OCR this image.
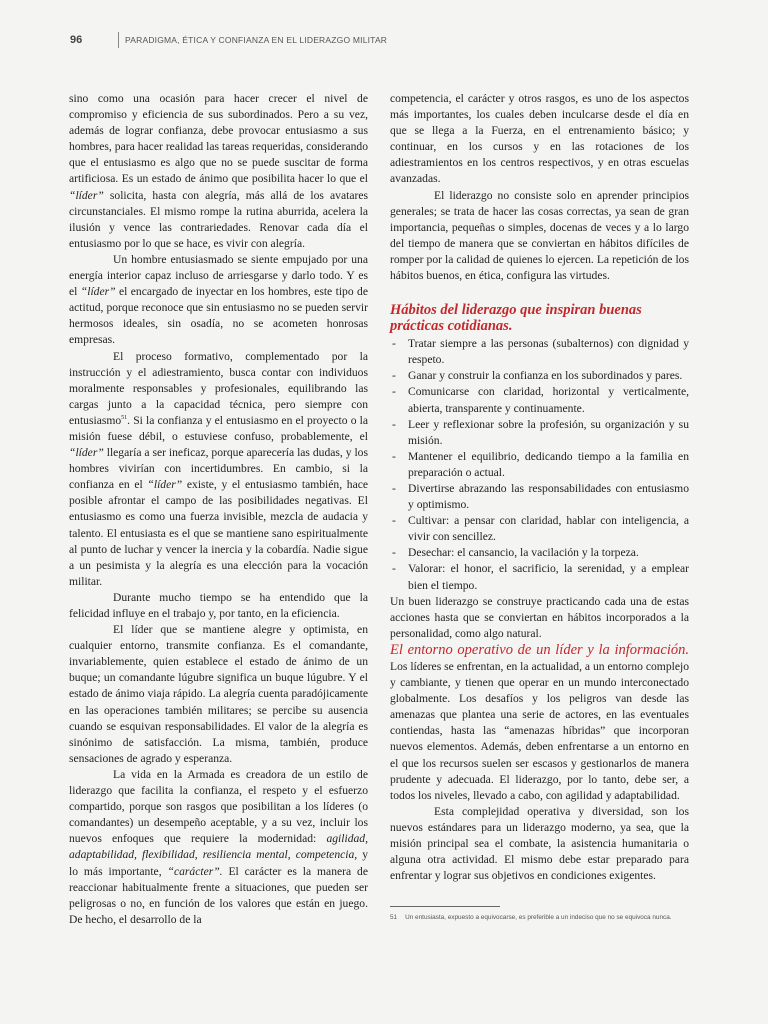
96	PARADIGMA, ÉTICA Y CONFIANZA EN EL LIDERAZGO MILITAR

sino como una ocasión para hacer crecer el nivel de compromiso y eficiencia de sus subordinados. Pero a su vez, además de lograr confianza, debe provocar entusiasmo a sus hombres, para hacer realidad las tareas requeridas, considerando que el entusiasmo es algo que no se puede suscitar de forma artificiosa. Es un estado de ánimo que posibilita hacer lo que el “líder” solicita, hasta con alegría, más allá de los avatares circunstanciales. El mismo rompe la rutina aburrida, acelera la ilusión y vence las contrariedades. Renovar cada día el entusiasmo por lo que se hace, es vivir con alegría.

Un hombre entusiasmado se siente empujado por una energía interior capaz incluso de arriesgarse y darlo todo. Y es el “líder” el encargado de inyectar en los hombres, este tipo de actitud, porque reconoce que sin entusiasmo no se pueden servir hermosos ideales, sin osadía, no se acometen honrosas empresas.

El proceso formativo, complementado por la instrucción y el adiestramiento, busca contar con individuos moralmente responsables y profesionales, equilibrando las cargas junto a la capacidad técnica, pero siempre con entusiasmo$^{51}$. Si la confianza y el entusiasmo en el proyecto o la misión fuese débil, o estuviese confuso, probablemente, el “líder” llegaría a ser ineficaz, porque aparecería las dudas, y los hombres vivirían con incertidumbres. En cambio, si la confianza en el “líder” existe, y el entusiasmo también, hace posible afrontar el campo de las posibilidades negativas. El entusiasmo es como una fuerza invisible, mezcla de audacia y talento. El entusiasta es el que se mantiene sano espiritualmente al punto de luchar y vencer la inercia y la cobardía. Nadie sigue a un pesimista y la alegría es una elección para la vocación militar.

Durante mucho tiempo se ha entendido que la felicidad influye en el trabajo y, por tanto, en la eficiencia.

El líder que se mantiene alegre y optimista, en cualquier entorno, transmite confianza. Es el comandante, invariablemente, quien establece el estado de ánimo de un buque; un comandante lúgubre significa un buque lúgubre. Y el estado de ánimo viaja rápido. La alegría cuenta paradójicamente en las operaciones también militares; se percibe su ausencia cuando se esquivan responsabilidades. El valor de la alegría es sinónimo de satisfacción. La misma, también, produce sensaciones de agrado y esperanza.

La vida en la Armada es creadora de un estilo de liderazgo que facilita la confianza, el respeto y el esfuerzo compartido, porque son rasgos que posibilitan a los líderes (o comandantes) un desempeño aceptable, y a su vez, incluir los nuevos enfoques que requiere la modernidad: agilidad, adaptabilidad, flexibilidad, resiliencia mental, competencia, y lo más importante, “carácter”. El carácter es la manera de reaccionar habitualmente frente a situaciones, que pueden ser peligrosas o no, en función de los valores que están en juego. De hecho, el desarrollo de la

competencia, el carácter y otros rasgos, es uno de los aspectos más importantes, los cuales deben inculcarse desde el día en que se llega a la Fuerza, en el entrenamiento básico; y continuar, en los cursos y en las rotaciones de los adiestramientos en los centros respectivos, y en otras escuelas avanzadas.

El liderazgo no consiste solo en aprender principios generales; se trata de hacer las cosas correctas, ya sean de gran importancia, pequeñas o simples, docenas de veces y a lo largo del tiempo de manera que se conviertan en hábitos difíciles de romper por la calidad de quienes lo ejercen. La repetición de los hábitos buenos, en ética, configura las virtudes.

Hábitos del liderazgo que inspiran buenas prácticas cotidianas.
- Tratar siempre a las personas (subalternos) con dignidad y respeto.
- Ganar y construir la confianza en los subordinados y pares.
- Comunicarse con claridad, horizontal y verticalmente, abierta, transparente y continuamente.
- Leer y reflexionar sobre la profesión, su organización y su misión.
- Mantener el equilibrio, dedicando tiempo a la familia en preparación o actual.
- Divertirse abrazando las responsabilidades con entusiasmo y optimismo.
- Cultivar: a pensar con claridad, hablar con inteligencia, a vivir con sencillez.
- Desechar: el cansancio, la vacilación y la torpeza.
- Valorar: el honor, el sacrificio, la serenidad, y a emplear bien el tiempo.

Un buen liderazgo se construye practicando cada una de estas acciones hasta que se conviertan en hábitos incorporados a la personalidad, como algo natural.

El entorno operativo de un líder y la información. Los líderes se enfrentan, en la actualidad, a un entorno complejo y cambiante, y tienen que operar en un mundo interconectado globalmente. Los desafíos y los peligros van desde las amenazas que plantea una serie de actores, en las eventuales contiendas, hasta las “amenazas híbridas” que incorporan nuevos elementos. Además, deben enfrentarse a un entorno en el que los recursos suelen ser escasos y gestionarlos de manera prudente y adecuada. El liderazgo, por lo tanto, debe ser, a todos los niveles, llevado a cabo, con agilidad y adaptabilidad.

Esta complejidad operativa y diversidad, son los nuevos estándares para un liderazgo moderno, ya sea, que la misión principal sea el combate, la asistencia humanitaria o alguna otra actividad. El mismo debe estar preparado para enfrentar y lograr sus objetivos en condiciones exigentes.

51 Un entusiasta, expuesto a equivocarse, es preferible a un indeciso que no se equivoca nunca.
